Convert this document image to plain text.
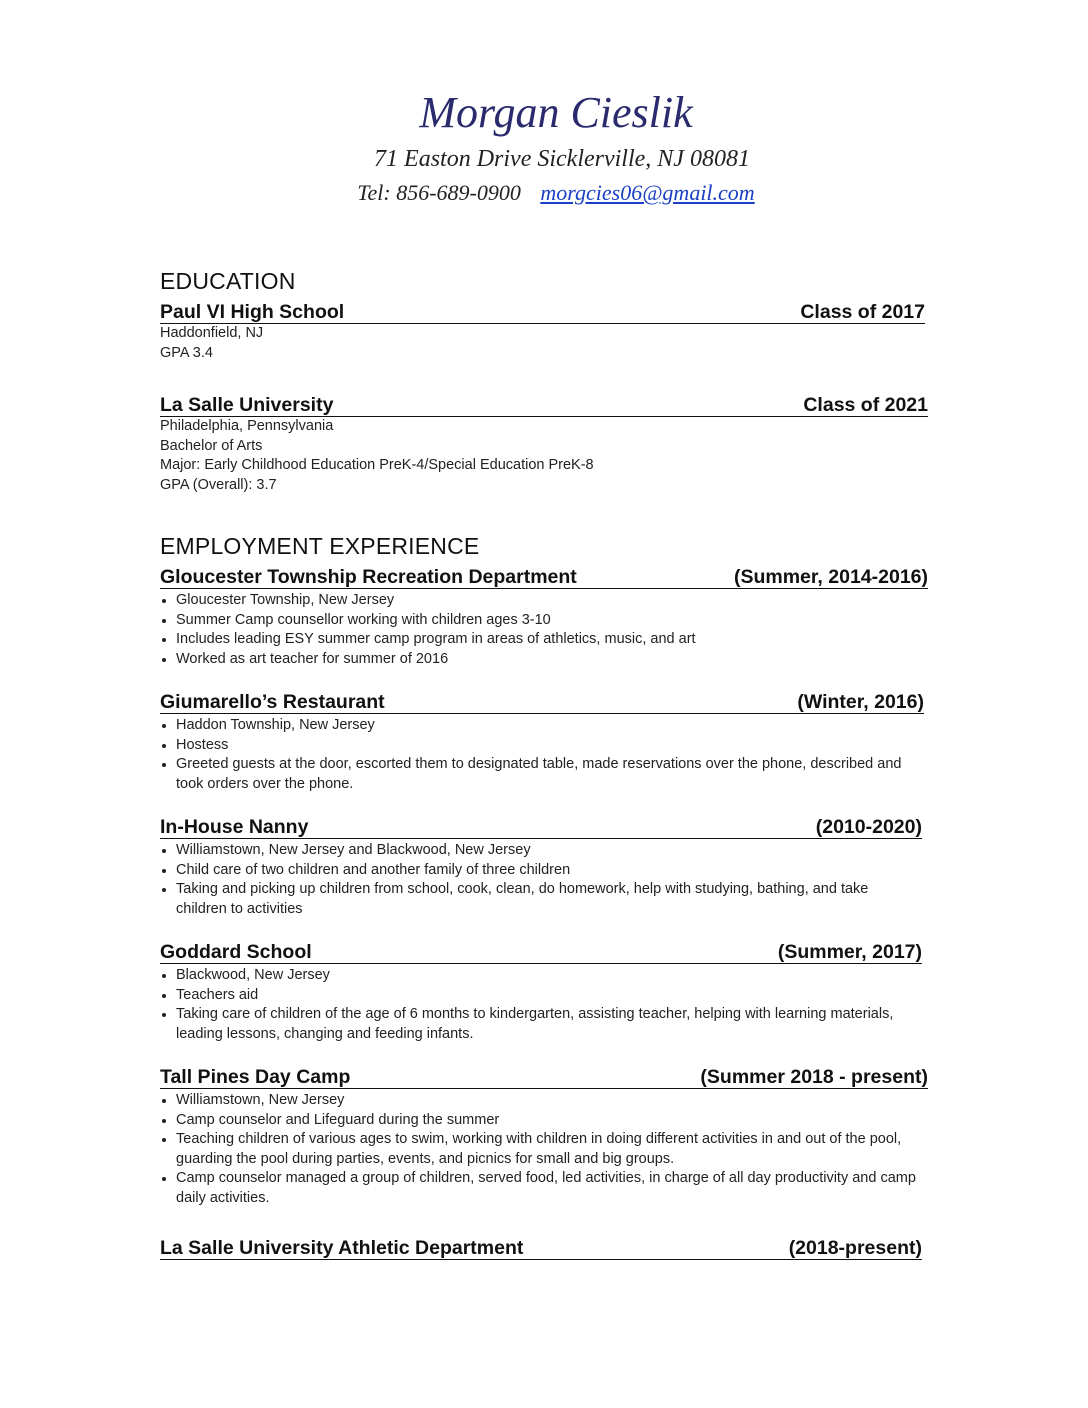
Morgan Cieslik
71 Easton Drive Sicklerville, NJ 08081
Tel: 856-689-0900 morgcies06@gmail.com
EDUCATION
Paul VI High School	Class of 2017
Haddonfield, NJ
GPA 3.4
La Salle University	Class of 2021
Philadelphia, Pennsylvania
Bachelor of Arts
Major: Early Childhood Education PreK-4/Special Education PreK-8
GPA (Overall): 3.7
EMPLOYMENT EXPERIENCE
Gloucester Township Recreation Department	(Summer, 2014-2016)
Gloucester Township, New Jersey
Summer Camp counsellor working with children ages 3-10
Includes leading ESY summer camp program in areas of athletics, music, and art
Worked as art teacher for summer of 2016
Giumarello’s Restaurant	(Winter, 2016)
Haddon Township, New Jersey
Hostess
Greeted guests at the door, escorted them to designated table, made reservations over the phone, described and took orders over the phone.
In-House Nanny	(2010-2020)
Williamstown, New Jersey and Blackwood, New Jersey
Child care of two children and another family of three children
Taking and picking up children from school, cook, clean, do homework, help with studying, bathing, and take children to activities
Goddard School	(Summer, 2017)
Blackwood, New Jersey
Teachers aid
Taking care of children of the age of 6 months to kindergarten, assisting teacher, helping with learning materials, leading lessons, changing and feeding infants.
Tall Pines Day Camp	(Summer 2018 - present)
Williamstown, New Jersey
Camp counselor and Lifeguard during the summer
Teaching children of various ages to swim, working with children in doing different activities in and out of the pool, guarding the pool during parties, events, and picnics for small and big groups.
Camp counselor managed a group of children, served food, led activities, in charge of all day productivity and camp daily activities.
La Salle University Athletic Department	(2018-present)
